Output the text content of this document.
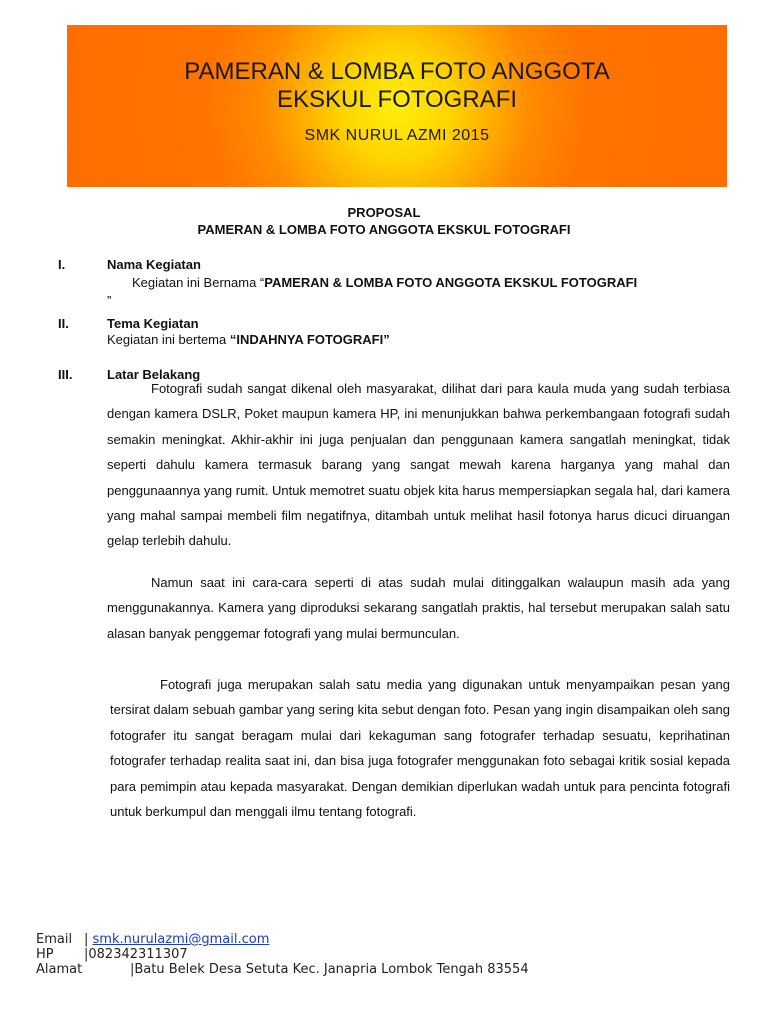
PAMERAN & LOMBA FOTO ANGGOTA
EKSKUL FOTOGRAFI
SMK NURUL AZMI 2015
PROPOSAL
PAMERAN & LOMBA FOTO ANGGOTA EKSKUL FOTOGRAFI
I.	Nama Kegiatan
Kegiatan ini Bernama “PAMERAN & LOMBA FOTO ANGGOTA EKSKUL FOTOGRAFI
”
II.	Tema Kegiatan
Kegiatan ini bertema “INDAHNYA FOTOGRAFI”
III.	Latar Belakang
Fotografi sudah sangat dikenal oleh masyarakat, dilihat dari para kaula muda yang sudah terbiasa dengan kamera DSLR, Poket maupun kamera HP, ini menunjukkan bahwa perkembangaan fotografi sudah semakin meningkat. Akhir-akhir ini juga penjualan dan penggunaan kamera sangatlah meningkat, tidak seperti dahulu kamera termasuk barang yang sangat mewah karena harganya yang mahal dan penggunaannya yang rumit. Untuk memotret suatu objek kita harus mempersiapkan segala hal, dari kamera yang mahal sampai membeli film negatifnya, ditambah untuk melihat hasil fotonya harus dicuci diruangan gelap terlebih dahulu.
Namun saat ini cara-cara seperti di atas sudah mulai ditinggalkan walaupun masih ada yang menggunakannya. Kamera yang diproduksi sekarang sangatlah praktis, hal tersebut merupakan salah satu alasan banyak penggemar fotografi yang mulai bermunculan.
Fotografi juga merupakan salah satu media yang digunakan untuk menyampaikan pesan yang tersirat dalam sebuah gambar yang sering kita sebut dengan foto. Pesan yang ingin disampaikan oleh sang fotografer itu sangat beragam mulai dari kekaguman sang fotografer terhadap sesuatu, keprihatinan fotografer terhadap realita saat ini, dan bisa juga fotografer menggunakan foto sebagai kritik sosial kepada para pemimpin atau kepada masyarakat. Dengan demikian diperlukan wadah untuk para pencinta fotografi untuk berkumpul dan menggali ilmu tentang fotografi.
Email | smk.nurulazmi@gmail.com
HP |082342311307
Alamat	|Batu Belek Desa Setuta Kec. Janapria Lombok Tengah 83554
